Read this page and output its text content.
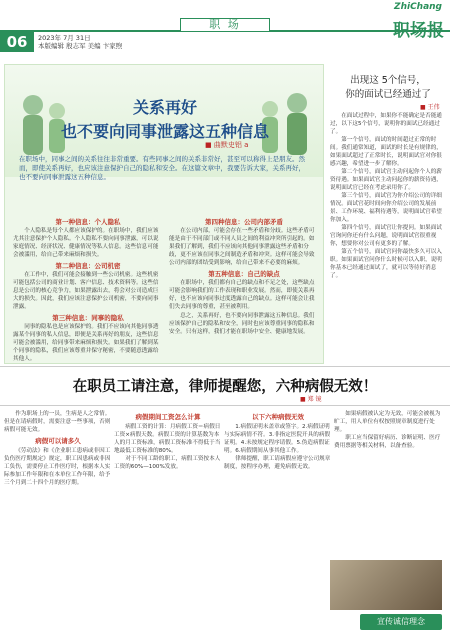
06
职 场
2023年 7月 31日
本版编辑 殷志军 美编 卞家煦
ZhiChang
职场报
关系再好
也不要向同事泄露这五种信息
■ 曲默史铝 a
在职场中，同事之间的关系往往非常重要。有些同事之间的关系非常好，甚至可以称得上是朋友。然而，即使关系再好，也应该注意保护自己的隐私和安全。在这篇文章中，我要告诉大家，关系再好，也不要向同事泄露这五种信息。

第一种信息：个人隐私

个人隐私是每个人都应该保护的。在职场中，我们应该尤其注意保护个人隐私。个人隐私不要向同事泄露，可以说家庭情况、经济状况、健康情况等私人信息。这些信息可能会被滥用，给自己带来麻烦和损失。

第二种信息：公司机密

在工作中，我们可能会接触到一些公司机密。这些机密可能包括公司的商业计划、客户信息、技术资料等。这些信息是公司的核心竞争力，如果泄露出去，将会对公司造成巨大的损失。因此，我们应该注意保护公司机密，不要向同事泄露。

第三种信息：同事的隐私

同事的隐私也是应该保护的。我们不应该向其他同事透露某个同事的私人信息，即便是关系再好的朋友，这些信息可能会被滥用，给同事带来麻烦和损失。如果我们了解到某个同事的隐私，我们应该尊重并保守秘密，不要随意透露给其他人。

第四种信息：公司内部矛盾

在公司内部，可能会存在一些矛盾和分歧。这些矛盾可能是由于不同部门或不同人员之间的利益冲突所引起的。如果我们了解到，我们不应该向其他同事泄露这些矛盾和分歧，更不应该在同事之间制造矛盾和冲突。这样可能会导致公司内部的团结受到影响，给自己带来不必要的麻烦。

第五种信息：自己的缺点

在职场中，我们都有自己的缺点和不足之处，这些缺点可能会影响我们的工作表现和职业发展。然而，即使关系再好，也不应该向同事过度透露自己的缺点。这样可能会让我们失去同事的尊重，甚至被利用。

总之，关系再好，也不要向同事泄露这五种信息。我们应该保护自己的隐私和安全，同时也应该尊重同事的隐私和安全。只有这样，我们才能在职场中安全、健康地发展。

出现这 5个信号，
你的面试已经通过了
■ 王伟

在面试过程中，如果你不能确定是否能通过，以下这5个信号，说明你的面试已经通过了。

第一个信号，面试的时间超过正常的时间。我们通常知道，面试的时长是有规律的，如果面试超过了正常时长，说明面试官对你很感兴趣，希望进一步了解你。

第二个信号，面试官主动问起你个人的薪资待遇。如果面试官主动问起你的薪资待遇，说明面试官已经在考虑录用你了。

第三个信号，面试官为你介绍公司的详细情况。面试官花时间向你介绍公司的发展前景、工作环境、福利待遇等，说明面试官希望你加入。

第四个信号，面试官让你提问。如果面试官询问你还有什么问题，说明面试官很重视你，想要你对公司有更多的了解。

第五个信号，面试官问你最快多久可以入职。如果面试官问你什么时候可以入职，说明你基本已经通过面试了，就可以等待好消息了。

在职员工请注意，律师提醒您，六种病假无效！
■ 郑 镜

作为职场上的一员，生病是人之常情。但是在请病假时，需要注意一些事项，否则病假可能无效。

病假可以请多久

《劳动法》和《企业职工患病或非因工负伤医疗期规定》规定，职工因患病或非因工负伤，需要停止工作医疗时，根据本人实际参加工作年限和在本单位工作年限，给予三个月到二十四个月的医疗期。

病假期间工资怎么计算

病假工资的计算：月病假工资＝病假日工资×病假天数。病假工资的计算基数为本人的月工资标准，病假工资标准不得低于当地最低工资标准的80%。

对于不同工龄的职工，病假工资按本人工资的60%—100%发放。

以下六种病假无效

1.病假证明未盖章或签字。2.病假证明与实际病情不符。3.非指定医院开具的病假证明。4.未按规定程序请假。5.伪造病假证明。6.病假期间从事其他工作。

律师提醒，职工请病假应遵守公司规章制度，按程序办理，避免病假无效。

如果病假被认定为无效，可能会被视为旷工，用人单位有权按照规章制度进行处理。

职工应当保留好病历、诊断证明、医疗费用票据等相关材料，以备查验。

宣传诚信理念
